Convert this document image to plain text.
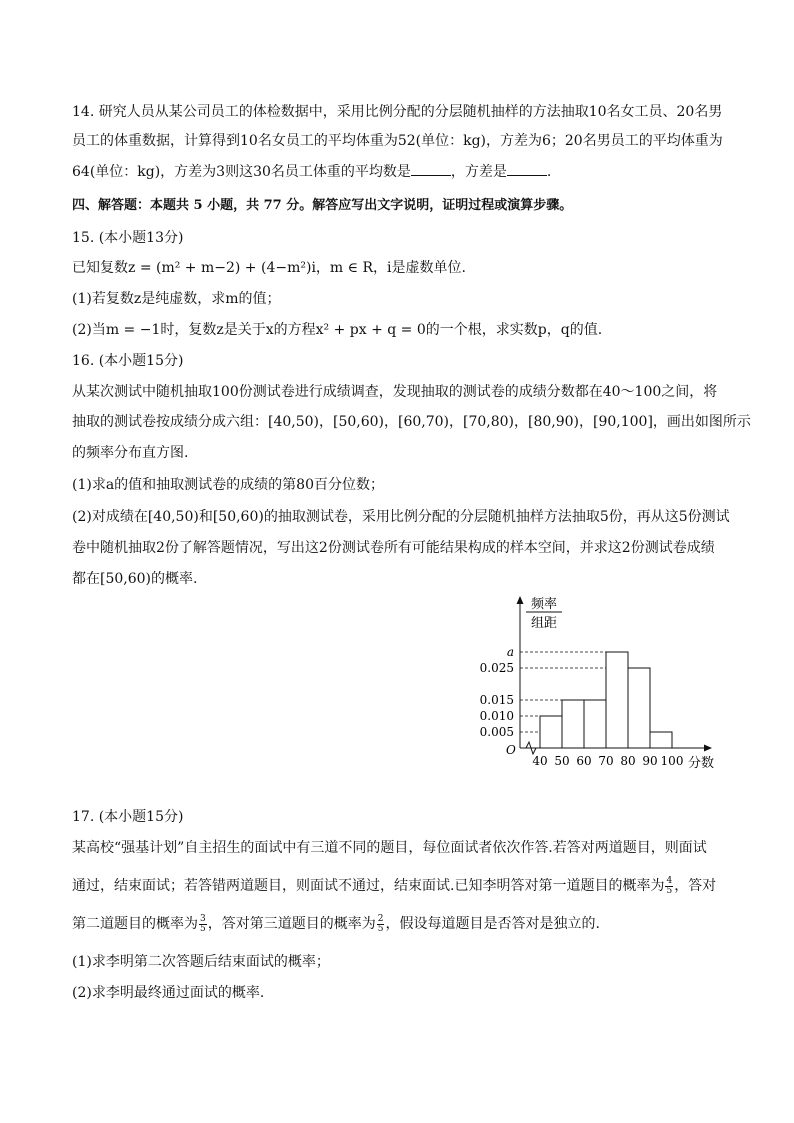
14. 研究人员从某公司员工的体检数据中，采用比例分配的分层随机抽样的方法抽取10名女工员、20名男
员工的体重数据，计算得到10名女员工的平均体重为52(单位：kg)，方差为6；20名男员工的平均体重为
64(单位：kg)，方差为3则这30名员工体重的平均数是	，方差是	.
四、解答题：本题共 5 小题，共 77 分。解答应写出文字说明，证明过程或演算步骤。
15. (本小题13分)
已知复数z = (m² + m−2) + (4−m²)i，m ∈ R，i是虚数单位.
(1)若复数z是纯虚数，求m的值；
(2)当m = −1时，复数z是关于x的方程x² + px + q = 0的一个根，求实数p，q的值.
16. (本小题15分)
从某次测试中随机抽取100份测试卷进行成绩调查，发现抽取的测试卷的成绩分数都在40～100之间，将
抽取的测试卷按成绩分成六组：[40,50)，[50,60)，[60,70)，[70,80)，[80,90)，[90,100]，画出如图所示
的频率分布直方图.
(1)求a的值和抽取测试卷的成绩的第80百分位数；
(2)对成绩在[40,50)和[50,60)的抽取测试卷，采用比例分配的分层随机抽样方法抽取5份，再从这5份测试
卷中随机抽取2份了解答题情况，写出这2份测试卷所有可能结果构成的样本空间，并求这2份测试卷成绩
都在[50,60)的概率.
频率
组距
O
分数
0.005
0.010
0.015
0.025
a
40 50 60 70 80 90 100
17. (本小题15分)
某高校“强基计划”自主招生的面试中有三道不同的题目，每位面试者依次作答.若答对两道题目，则面试
通过，结束面试；若答错两道题目，则面试不通过，结束面试.已知李明答对第一道题目的概率为 $\frac{4}{5}$ ，答对
第二道题目的概率为 $\frac{3}{5}$ ，答对第三道题目的概率为 $\frac{2}{5}$ ，假设每道题目是否答对是独立的.
(1)求李明第二次答题后结束面试的概率；
(2)求李明最终通过面试的概率.
